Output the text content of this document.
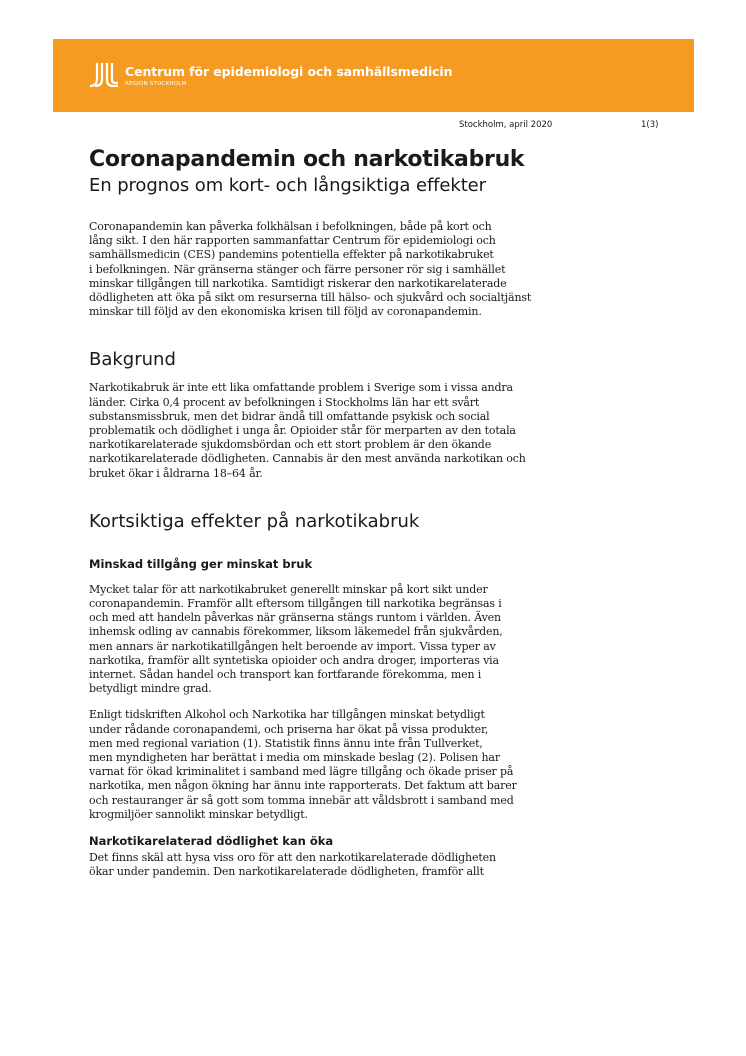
Centrum för epidemiologi och samhällsmedicin
REGION STOCKHOLM
Stockholm, april 2020	1(3)
Coronapandemin och narkotikabruk
En prognos om kort- och långsiktiga effekter

Coronapandemin kan påverka folkhälsan i befolkningen, både på kort och
lång sikt. I den här rapporten sammanfattar Centrum för epidemiologi och
samhällsmedicin (CES) pandemins potentiella effekter på narkotikabruket
i befolkningen. När gränserna stänger och färre personer rör sig i samhället
minskar tillgången till narkotika. Samtidigt riskerar den narkotikarelaterade
dödligheten att öka på sikt om resurserna till hälso- och sjukvård och socialtjänst
minskar till följd av den ekonomiska krisen till följd av coronapandemin.

Bakgrund

Narkotikabruk är inte ett lika omfattande problem i Sverige som i vissa andra
länder. Cirka 0,4 procent av befolkningen i Stockholms län har ett svårt
substansmissbruk, men det bidrar ändå till omfattande psykisk och social
problematik och dödlighet i unga år. Opioider står för merparten av den totala
narkotikarelaterade sjukdomsbördan och ett stort problem är den ökande
narkotikarelaterade dödligheten. Cannabis är den mest använda narkotikan och
bruket ökar i åldrarna 18–64 år.

Kortsiktiga effekter på narkotikabruk
Minskad tillgång ger minskat bruk

Mycket talar för att narkotikabruket generellt minskar på kort sikt under
coronapandemin. Framför allt eftersom tillgången till narkotika begränsas i
och med att handeln påverkas när gränserna stängs runtom i världen. Även
inhemsk odling av cannabis förekommer, liksom läkemedel från sjukvården,
men annars är narkotikatillgången helt beroende av import. Vissa typer av
narkotika, framför allt syntetiska opioider och andra droger, importeras via
internet. Sådan handel och transport kan fortfarande förekomma, men i
betydligt mindre grad.

Enligt tidskriften Alkohol och Narkotika har tillgången minskat betydligt
under rådande coronapandemi, och priserna har ökat på vissa produkter,
men med regional variation (1). Statistik finns ännu inte från Tullverket,
men myndigheten har berättat i media om minskade beslag (2). Polisen har
varnat för ökad kriminalitet i samband med lägre tillgång och ökade priser på
narkotika, men någon ökning har ännu inte rapporterats. Det faktum att barer
och restauranger är så gott som tomma innebär att våldsbrott i samband med
krogmiljöer sannolikt minskar betydligt.

Narkotikarelaterad dödlighet kan öka

Det finns skäl att hysa viss oro för att den narkotikarelaterade dödligheten
ökar under pandemin. Den narkotikarelaterade dödligheten, framför allt
